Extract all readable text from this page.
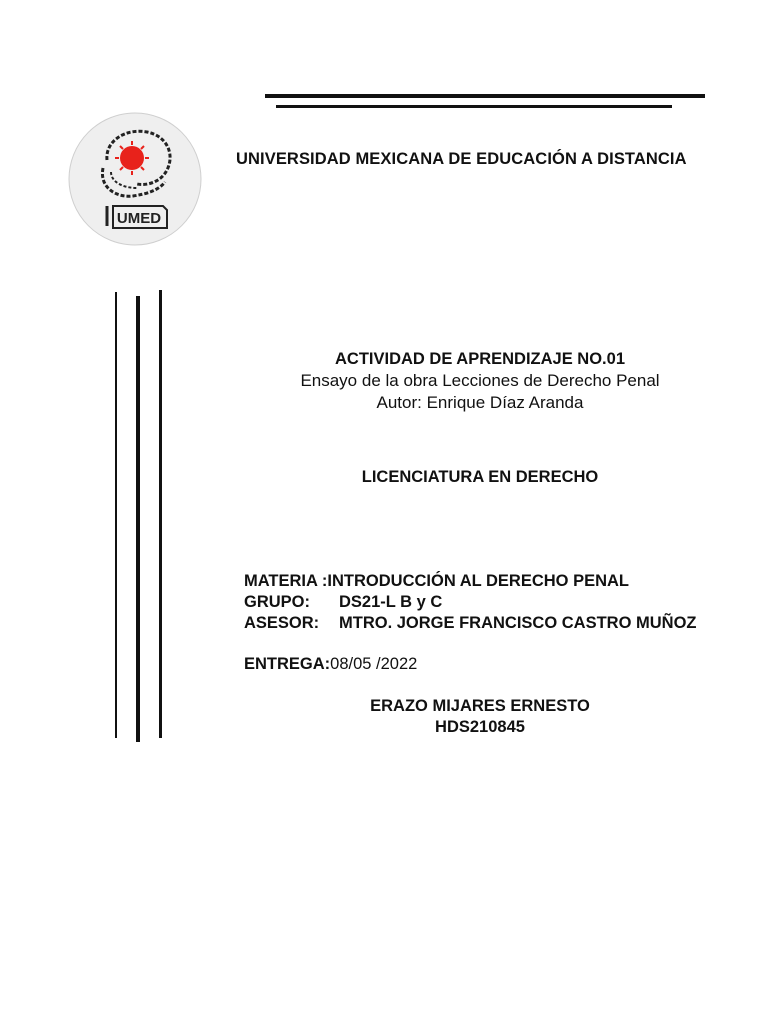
UMED
UNIVERSIDAD MEXICANA DE EDUCACIÓN A DISTANCIA
ACTIVIDAD DE APRENDIZAJE NO.01
Ensayo de la obra Lecciones de Derecho Penal
Autor: Enrique Díaz Aranda
LICENCIATURA EN DERECHO
MATERIA :INTRODUCCIÓN AL DERECHO PENAL
GRUPO: DS21-L B y C
ASESOR: MTRO. JORGE FRANCISCO CASTRO MUÑOZ
ENTREGA:08/05 /2022
ERAZO MIJARES ERNESTO
HDS210845
